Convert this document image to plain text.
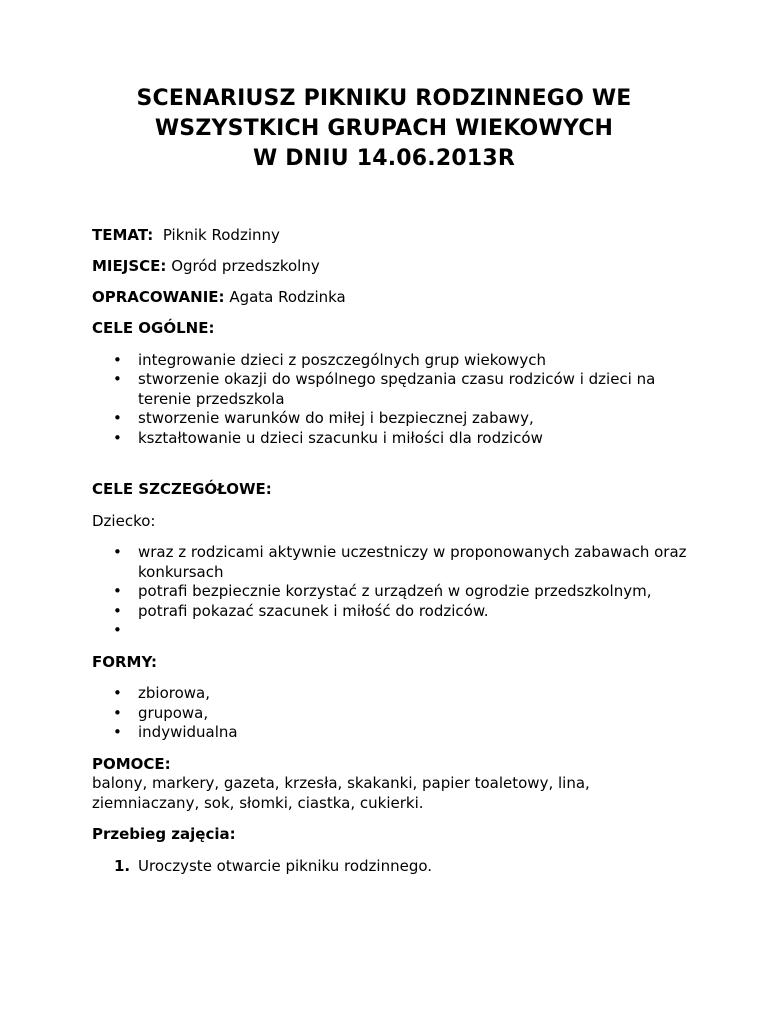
SCENARIUSZ PIKNIKU RODZINNEGO WE
WSZYSTKICH GRUPACH WIEKOWYCH
W DNIU 14.06.2013R

TEMAT: Piknik Rodzinny

MIEJSCE: Ogród przedszkolny

OPRACOWANIE: Agata Rodzinka

CELE OGÓLNE:

• integrowanie dzieci z poszczególnych grup wiekowych
• stworzenie okazji do wspólnego spędzania czasu rodziców i dzieci na terenie przedszkola
• stworzenie warunków do miłej i bezpiecznej zabawy,
• kształtowanie u dzieci szacunku i miłości dla rodziców

CELE SZCZEGÓŁOWE:

Dziecko:

• wraz z rodzicami aktywnie uczestniczy w proponowanych zabawach oraz konkursach
• potrafi bezpiecznie korzystać z urządzeń w ogrodzie przedszkolnym,
• potrafi pokazać szacunek i miłość do rodziców.
•

FORMY:

• zbiorowa,
• grupowa,
• indywidualna

POMOCE:

balony, markery, gazeta, krzesła, skakanki, papier toaletowy, lina, ziemniaczany, sok, słomki, ciastka, cukierki.

Przebieg zajęcia:

1. Uroczyste otwarcie pikniku rodzinnego.
